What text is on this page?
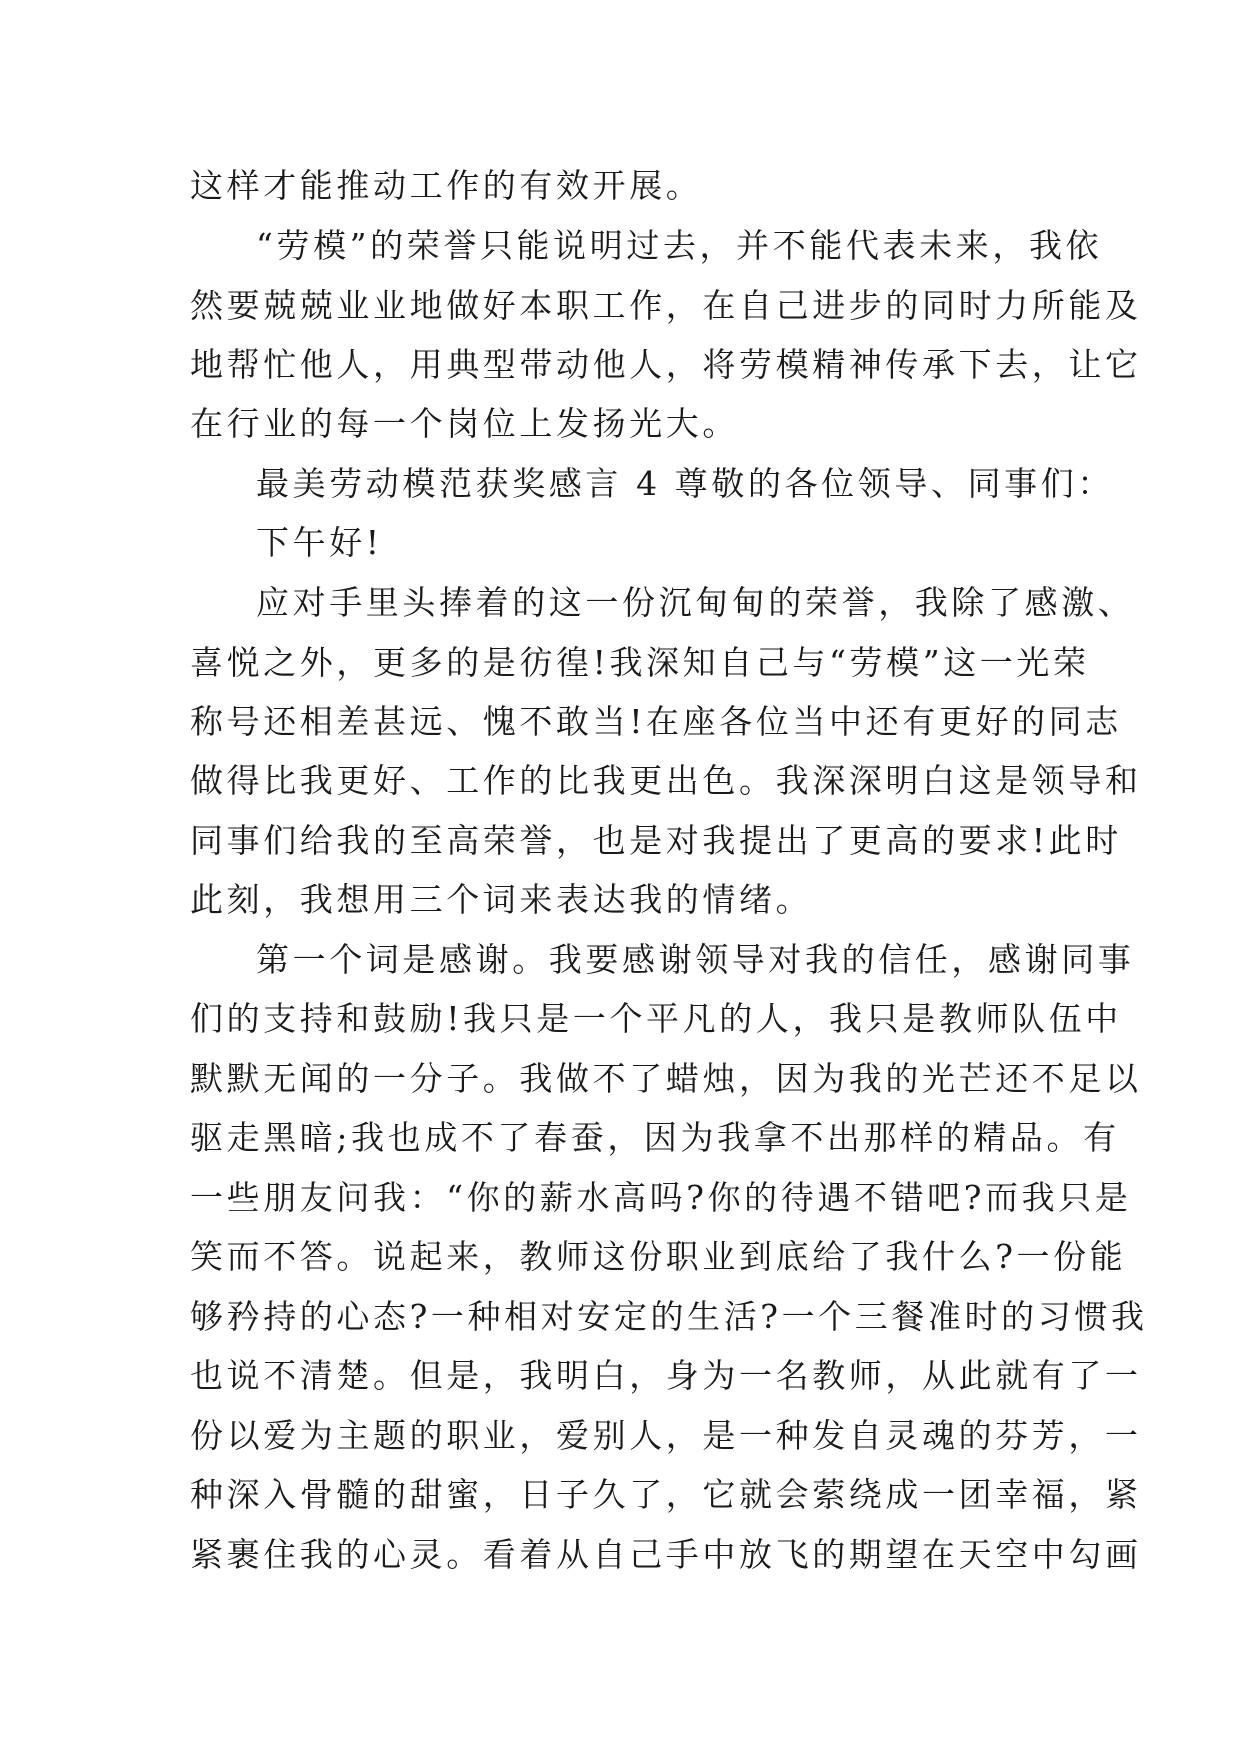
这样才能推动工作的有效开展。
“劳模”的荣誉只能说明过去，并不能代表未来，我依
然要兢兢业业地做好本职工作，在自己进步的同时力所能及
地帮忙他人，用典型带动他人，将劳模精神传承下去，让它
在行业的每一个岗位上发扬光大。
最美劳动模范获奖感言 4 尊敬的各位领导、同事们：
下午好!
应对手里头捧着的这一份沉甸甸的荣誉，我除了感激、
喜悦之外，更多的是彷徨!我深知自己与“劳模”这一光荣
称号还相差甚远、愧不敢当!在座各位当中还有更好的同志
做得比我更好、工作的比我更出色。我深深明白这是领导和
同事们给我的至高荣誉，也是对我提出了更高的要求!此时
此刻，我想用三个词来表达我的情绪。
第一个词是感谢。我要感谢领导对我的信任，感谢同事
们的支持和鼓励!我只是一个平凡的人，我只是教师队伍中
默默无闻的一分子。我做不了蜡烛，因为我的光芒还不足以
驱走黑暗;我也成不了春蚕，因为我拿不出那样的精品。有
一些朋友问我：“你的薪水高吗?你的待遇不错吧?而我只是
笑而不答。说起来，教师这份职业到底给了我什么?一份能
够矜持的心态?一种相对安定的生活?一个三餐准时的习惯我
也说不清楚。但是，我明白，身为一名教师，从此就有了一
份以爱为主题的职业，爱别人，是一种发自灵魂的芬芳，一
种深入骨髓的甜蜜，日子久了，它就会萦绕成一团幸福，紧
紧裹住我的心灵。看着从自己手中放飞的期望在天空中勾画
